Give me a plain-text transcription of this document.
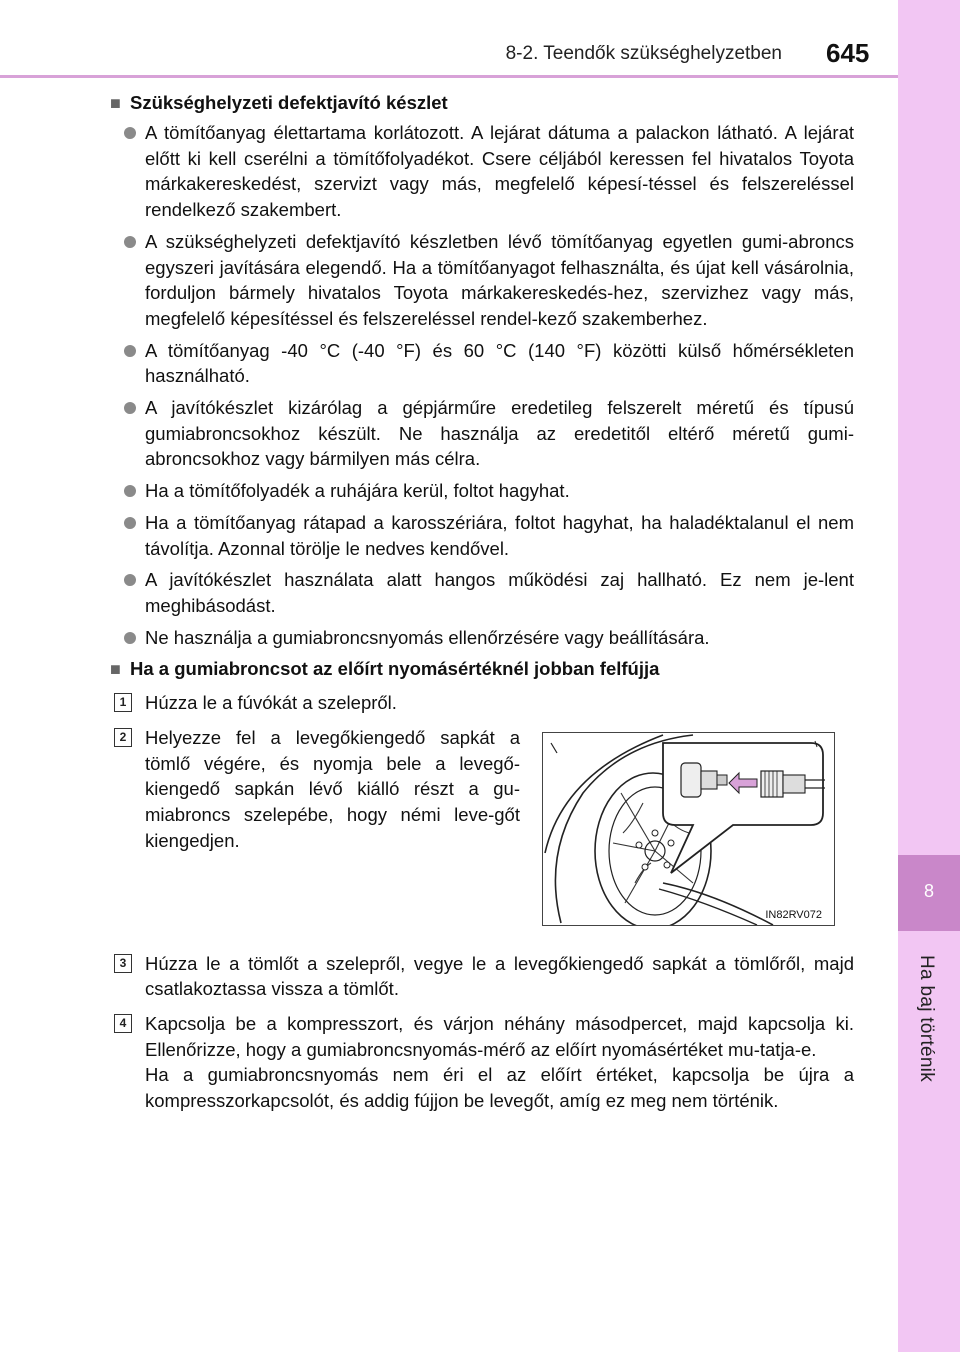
8-2. Teendők szükséghelyzetben 645
8
Ha baj történik
■ Szükséghelyzeti defektjavító készlet
A tömítőanyag élettartama korlátozott. A lejárat dátuma a palackon látható. A lejárat előtt ki kell cserélni a tömítőfolyadékot. Csere céljából keressen fel hivatalos Toyota márkakereskedést, szervizt vagy más, megfelelő képesí-téssel és felszereléssel rendelkező szakembert.
A szükséghelyzeti defektjavító készletben lévő tömítőanyag egyetlen gumi-abroncs egyszeri javítására elegendő. Ha a tömítőanyagot felhasználta, és újat kell vásárolnia, forduljon bármely hivatalos Toyota márkakereskedés-hez, szervizhez vagy más, megfelelő képesítéssel és felszereléssel rendel-kező szakemberhez.
A tömítőanyag -40 °C (-40 °F) és 60 °C (140 °F) közötti külső hőmérsékleten használható.
A javítókészlet kizárólag a gépjárműre eredetileg felszerelt méretű és típusú gumiabroncsokhoz készült. Ne használja az eredetitől eltérő méretű gumi-abroncsokhoz vagy bármilyen más célra.
Ha a tömítőfolyadék a ruhájára kerül, foltot hagyhat.
Ha a tömítőanyag rátapad a karosszériára, foltot hagyhat, ha haladéktalanul el nem távolítja. Azonnal törölje le nedves kendővel.
A javítókészlet használata alatt hangos működési zaj hallható. Ez nem je-lent meghibásodást.
Ne használja a gumiabroncsnyomás ellenőrzésére vagy beállítására.
■ Ha a gumiabroncsot az előírt nyomásértéknél jobban felfújja
1	Húzza le a fúvókát a szelepről.
2	Helyezze fel a levegőkiengedő sapkát a tömlő végére, és nyomja bele a levegő-kiengedő sapkán lévő kiálló részt a gu-miabroncs szelepébe, hogy némi leve-gőt kiengedjen.
3	Húzza le a tömlőt a szelepről, vegye le a levegőkiengedő sapkát a tömlőről, majd csatlakoztassa vissza a tömlőt.
4	Kapcsolja be a kompresszort, és várjon néhány másodpercet, majd kapcsolja ki. Ellenőrizze, hogy a gumiabroncsnyomás-mérő az előírt nyomásértéket mu-tatja-e.
Ha a gumiabroncsnyomás nem éri el az előírt értéket, kapcsolja be újra a kompresszorkapcsolót, és addig fújjon be levegőt, amíg ez meg nem történik.
IN82RV072
